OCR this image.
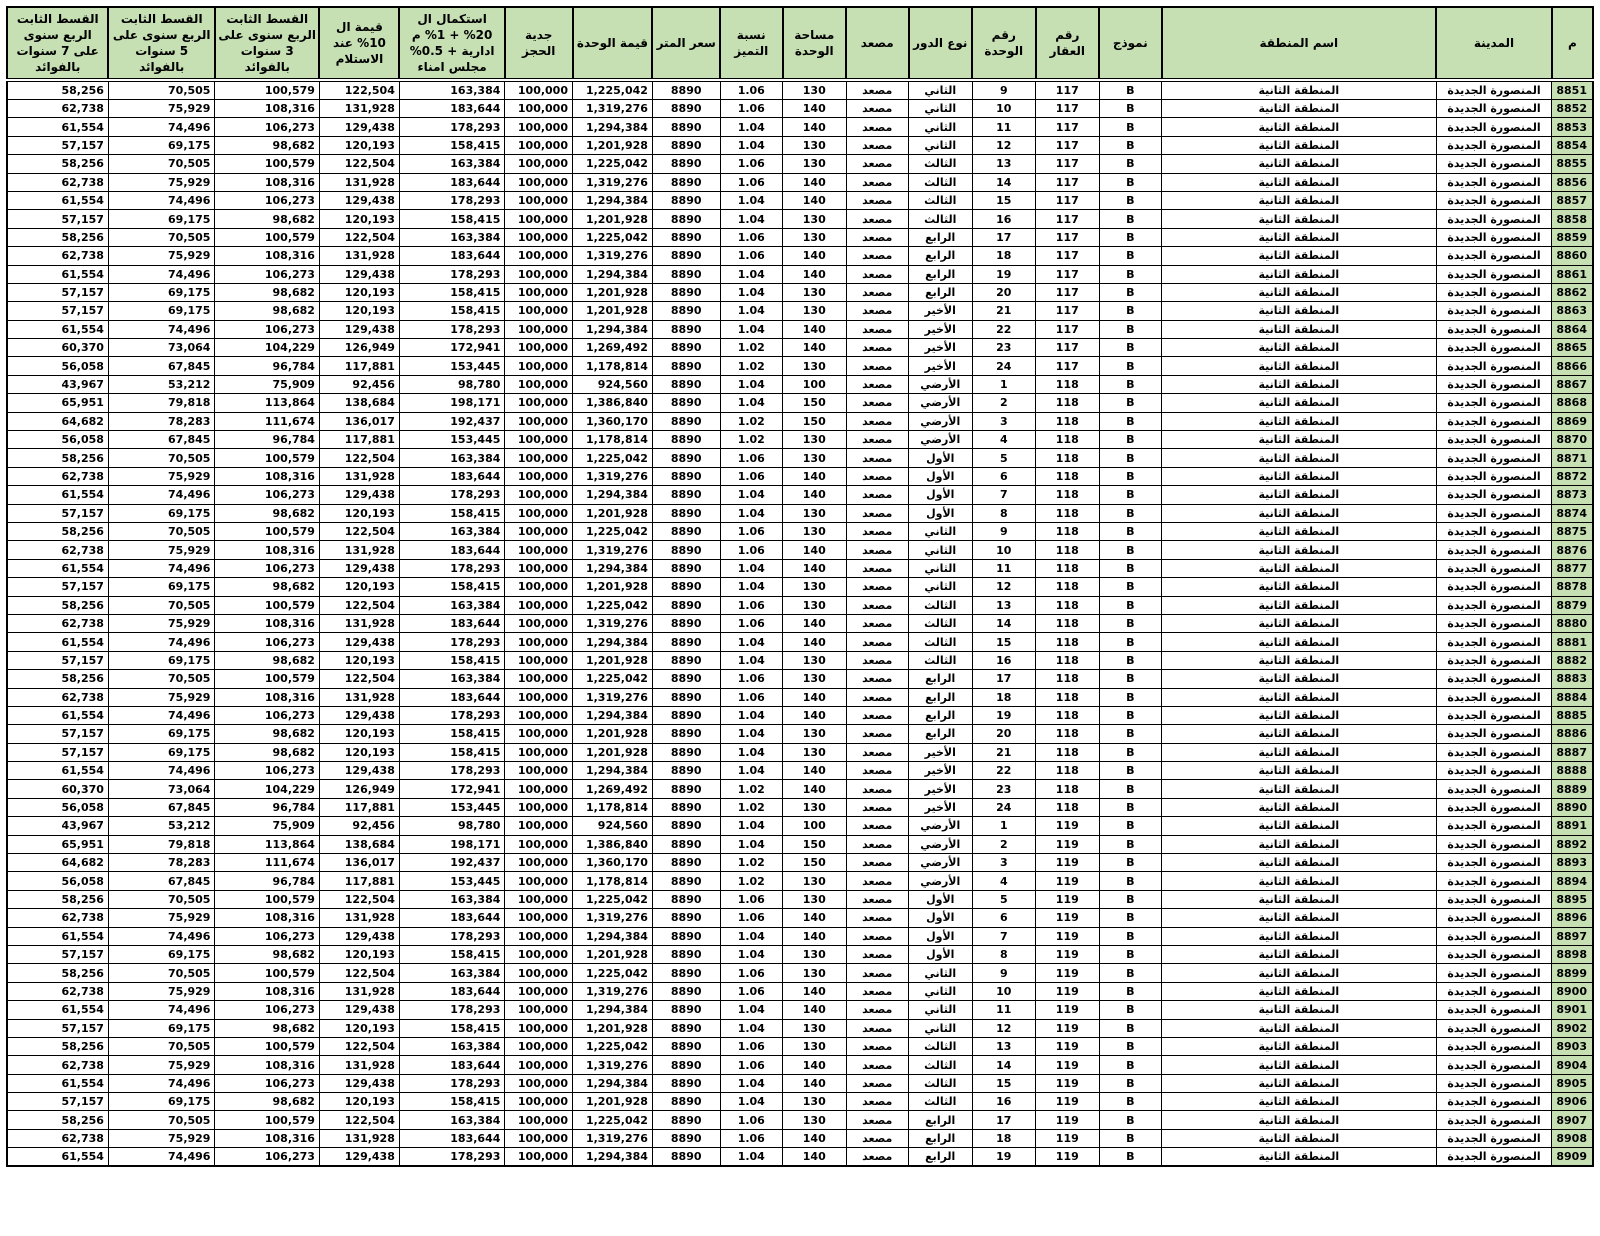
القسط الثابت الربع سنوى على 7 سنوات بالفوائد	القسط الثابت الربع سنوى على 5 سنوات بالفوائد	القسط الثابت الربع سنوى على 3 سنوات بالفوائد	قيمة ال 10% عند الاستلام	استكمال ال 20% + 1% م ادارية + 0.5% مجلس امناء	جدية الحجز	قيمة الوحدة	سعر المتر	نسبة التميز	مساحة الوحدة	مصعد	نوع الدور	رقم الوحدة	رقم العقار	نموذج	اسم المنطقة	المدينة	م
58,256	70,505	100,579	122,504	163,384	100,000	1,225,042	8890	1.06	130	مصعد	الثاني	9	117	B	المنطقة الثانية	المنصورة الجديدة	8851
62,738	75,929	108,316	131,928	183,644	100,000	1,319,276	8890	1.06	140	مصعد	الثاني	10	117	B	المنطقة الثانية	المنصورة الجديدة	8852
61,554	74,496	106,273	129,438	178,293	100,000	1,294,384	8890	1.04	140	مصعد	الثاني	11	117	B	المنطقة الثانية	المنصورة الجديدة	8853
57,157	69,175	98,682	120,193	158,415	100,000	1,201,928	8890	1.04	130	مصعد	الثاني	12	117	B	المنطقة الثانية	المنصورة الجديدة	8854
58,256	70,505	100,579	122,504	163,384	100,000	1,225,042	8890	1.06	130	مصعد	الثالث	13	117	B	المنطقة الثانية	المنصورة الجديدة	8855
62,738	75,929	108,316	131,928	183,644	100,000	1,319,276	8890	1.06	140	مصعد	الثالث	14	117	B	المنطقة الثانية	المنصورة الجديدة	8856
61,554	74,496	106,273	129,438	178,293	100,000	1,294,384	8890	1.04	140	مصعد	الثالث	15	117	B	المنطقة الثانية	المنصورة الجديدة	8857
57,157	69,175	98,682	120,193	158,415	100,000	1,201,928	8890	1.04	130	مصعد	الثالث	16	117	B	المنطقة الثانية	المنصورة الجديدة	8858
58,256	70,505	100,579	122,504	163,384	100,000	1,225,042	8890	1.06	130	مصعد	الرابع	17	117	B	المنطقة الثانية	المنصورة الجديدة	8859
62,738	75,929	108,316	131,928	183,644	100,000	1,319,276	8890	1.06	140	مصعد	الرابع	18	117	B	المنطقة الثانية	المنصورة الجديدة	8860
61,554	74,496	106,273	129,438	178,293	100,000	1,294,384	8890	1.04	140	مصعد	الرابع	19	117	B	المنطقة الثانية	المنصورة الجديدة	8861
57,157	69,175	98,682	120,193	158,415	100,000	1,201,928	8890	1.04	130	مصعد	الرابع	20	117	B	المنطقة الثانية	المنصورة الجديدة	8862
57,157	69,175	98,682	120,193	158,415	100,000	1,201,928	8890	1.04	130	مصعد	الأخير	21	117	B	المنطقة الثانية	المنصورة الجديدة	8863
61,554	74,496	106,273	129,438	178,293	100,000	1,294,384	8890	1.04	140	مصعد	الأخير	22	117	B	المنطقة الثانية	المنصورة الجديدة	8864
60,370	73,064	104,229	126,949	172,941	100,000	1,269,492	8890	1.02	140	مصعد	الأخير	23	117	B	المنطقة الثانية	المنصورة الجديدة	8865
56,058	67,845	96,784	117,881	153,445	100,000	1,178,814	8890	1.02	130	مصعد	الأخير	24	117	B	المنطقة الثانية	المنصورة الجديدة	8866
43,967	53,212	75,909	92,456	98,780	100,000	924,560	8890	1.04	100	مصعد	الأرضي	1	118	B	المنطقة الثانية	المنصورة الجديدة	8867
65,951	79,818	113,864	138,684	198,171	100,000	1,386,840	8890	1.04	150	مصعد	الأرضي	2	118	B	المنطقة الثانية	المنصورة الجديدة	8868
64,682	78,283	111,674	136,017	192,437	100,000	1,360,170	8890	1.02	150	مصعد	الأرضي	3	118	B	المنطقة الثانية	المنصورة الجديدة	8869
56,058	67,845	96,784	117,881	153,445	100,000	1,178,814	8890	1.02	130	مصعد	الأرضي	4	118	B	المنطقة الثانية	المنصورة الجديدة	8870
58,256	70,505	100,579	122,504	163,384	100,000	1,225,042	8890	1.06	130	مصعد	الأول	5	118	B	المنطقة الثانية	المنصورة الجديدة	8871
62,738	75,929	108,316	131,928	183,644	100,000	1,319,276	8890	1.06	140	مصعد	الأول	6	118	B	المنطقة الثانية	المنصورة الجديدة	8872
61,554	74,496	106,273	129,438	178,293	100,000	1,294,384	8890	1.04	140	مصعد	الأول	7	118	B	المنطقة الثانية	المنصورة الجديدة	8873
57,157	69,175	98,682	120,193	158,415	100,000	1,201,928	8890	1.04	130	مصعد	الأول	8	118	B	المنطقة الثانية	المنصورة الجديدة	8874
58,256	70,505	100,579	122,504	163,384	100,000	1,225,042	8890	1.06	130	مصعد	الثاني	9	118	B	المنطقة الثانية	المنصورة الجديدة	8875
62,738	75,929	108,316	131,928	183,644	100,000	1,319,276	8890	1.06	140	مصعد	الثاني	10	118	B	المنطقة الثانية	المنصورة الجديدة	8876
61,554	74,496	106,273	129,438	178,293	100,000	1,294,384	8890	1.04	140	مصعد	الثاني	11	118	B	المنطقة الثانية	المنصورة الجديدة	8877
57,157	69,175	98,682	120,193	158,415	100,000	1,201,928	8890	1.04	130	مصعد	الثاني	12	118	B	المنطقة الثانية	المنصورة الجديدة	8878
58,256	70,505	100,579	122,504	163,384	100,000	1,225,042	8890	1.06	130	مصعد	الثالث	13	118	B	المنطقة الثانية	المنصورة الجديدة	8879
62,738	75,929	108,316	131,928	183,644	100,000	1,319,276	8890	1.06	140	مصعد	الثالث	14	118	B	المنطقة الثانية	المنصورة الجديدة	8880
61,554	74,496	106,273	129,438	178,293	100,000	1,294,384	8890	1.04	140	مصعد	الثالث	15	118	B	المنطقة الثانية	المنصورة الجديدة	8881
57,157	69,175	98,682	120,193	158,415	100,000	1,201,928	8890	1.04	130	مصعد	الثالث	16	118	B	المنطقة الثانية	المنصورة الجديدة	8882
58,256	70,505	100,579	122,504	163,384	100,000	1,225,042	8890	1.06	130	مصعد	الرابع	17	118	B	المنطقة الثانية	المنصورة الجديدة	8883
62,738	75,929	108,316	131,928	183,644	100,000	1,319,276	8890	1.06	140	مصعد	الرابع	18	118	B	المنطقة الثانية	المنصورة الجديدة	8884
61,554	74,496	106,273	129,438	178,293	100,000	1,294,384	8890	1.04	140	مصعد	الرابع	19	118	B	المنطقة الثانية	المنصورة الجديدة	8885
57,157	69,175	98,682	120,193	158,415	100,000	1,201,928	8890	1.04	130	مصعد	الرابع	20	118	B	المنطقة الثانية	المنصورة الجديدة	8886
57,157	69,175	98,682	120,193	158,415	100,000	1,201,928	8890	1.04	130	مصعد	الأخير	21	118	B	المنطقة الثانية	المنصورة الجديدة	8887
61,554	74,496	106,273	129,438	178,293	100,000	1,294,384	8890	1.04	140	مصعد	الأخير	22	118	B	المنطقة الثانية	المنصورة الجديدة	8888
60,370	73,064	104,229	126,949	172,941	100,000	1,269,492	8890	1.02	140	مصعد	الأخير	23	118	B	المنطقة الثانية	المنصورة الجديدة	8889
56,058	67,845	96,784	117,881	153,445	100,000	1,178,814	8890	1.02	130	مصعد	الأخير	24	118	B	المنطقة الثانية	المنصورة الجديدة	8890
43,967	53,212	75,909	92,456	98,780	100,000	924,560	8890	1.04	100	مصعد	الأرضي	1	119	B	المنطقة الثانية	المنصورة الجديدة	8891
65,951	79,818	113,864	138,684	198,171	100,000	1,386,840	8890	1.04	150	مصعد	الأرضي	2	119	B	المنطقة الثانية	المنصورة الجديدة	8892
64,682	78,283	111,674	136,017	192,437	100,000	1,360,170	8890	1.02	150	مصعد	الأرضي	3	119	B	المنطقة الثانية	المنصورة الجديدة	8893
56,058	67,845	96,784	117,881	153,445	100,000	1,178,814	8890	1.02	130	مصعد	الأرضي	4	119	B	المنطقة الثانية	المنصورة الجديدة	8894
58,256	70,505	100,579	122,504	163,384	100,000	1,225,042	8890	1.06	130	مصعد	الأول	5	119	B	المنطقة الثانية	المنصورة الجديدة	8895
62,738	75,929	108,316	131,928	183,644	100,000	1,319,276	8890	1.06	140	مصعد	الأول	6	119	B	المنطقة الثانية	المنصورة الجديدة	8896
61,554	74,496	106,273	129,438	178,293	100,000	1,294,384	8890	1.04	140	مصعد	الأول	7	119	B	المنطقة الثانية	المنصورة الجديدة	8897
57,157	69,175	98,682	120,193	158,415	100,000	1,201,928	8890	1.04	130	مصعد	الأول	8	119	B	المنطقة الثانية	المنصورة الجديدة	8898
58,256	70,505	100,579	122,504	163,384	100,000	1,225,042	8890	1.06	130	مصعد	الثاني	9	119	B	المنطقة الثانية	المنصورة الجديدة	8899
62,738	75,929	108,316	131,928	183,644	100,000	1,319,276	8890	1.06	140	مصعد	الثاني	10	119	B	المنطقة الثانية	المنصورة الجديدة	8900
61,554	74,496	106,273	129,438	178,293	100,000	1,294,384	8890	1.04	140	مصعد	الثاني	11	119	B	المنطقة الثانية	المنصورة الجديدة	8901
57,157	69,175	98,682	120,193	158,415	100,000	1,201,928	8890	1.04	130	مصعد	الثاني	12	119	B	المنطقة الثانية	المنصورة الجديدة	8902
58,256	70,505	100,579	122,504	163,384	100,000	1,225,042	8890	1.06	130	مصعد	الثالث	13	119	B	المنطقة الثانية	المنصورة الجديدة	8903
62,738	75,929	108,316	131,928	183,644	100,000	1,319,276	8890	1.06	140	مصعد	الثالث	14	119	B	المنطقة الثانية	المنصورة الجديدة	8904
61,554	74,496	106,273	129,438	178,293	100,000	1,294,384	8890	1.04	140	مصعد	الثالث	15	119	B	المنطقة الثانية	المنصورة الجديدة	8905
57,157	69,175	98,682	120,193	158,415	100,000	1,201,928	8890	1.04	130	مصعد	الثالث	16	119	B	المنطقة الثانية	المنصورة الجديدة	8906
58,256	70,505	100,579	122,504	163,384	100,000	1,225,042	8890	1.06	130	مصعد	الرابع	17	119	B	المنطقة الثانية	المنصورة الجديدة	8907
62,738	75,929	108,316	131,928	183,644	100,000	1,319,276	8890	1.06	140	مصعد	الرابع	18	119	B	المنطقة الثانية	المنصورة الجديدة	8908
61,554	74,496	106,273	129,438	178,293	100,000	1,294,384	8890	1.04	140	مصعد	الرابع	19	119	B	المنطقة الثانية	المنصورة الجديدة	8909
